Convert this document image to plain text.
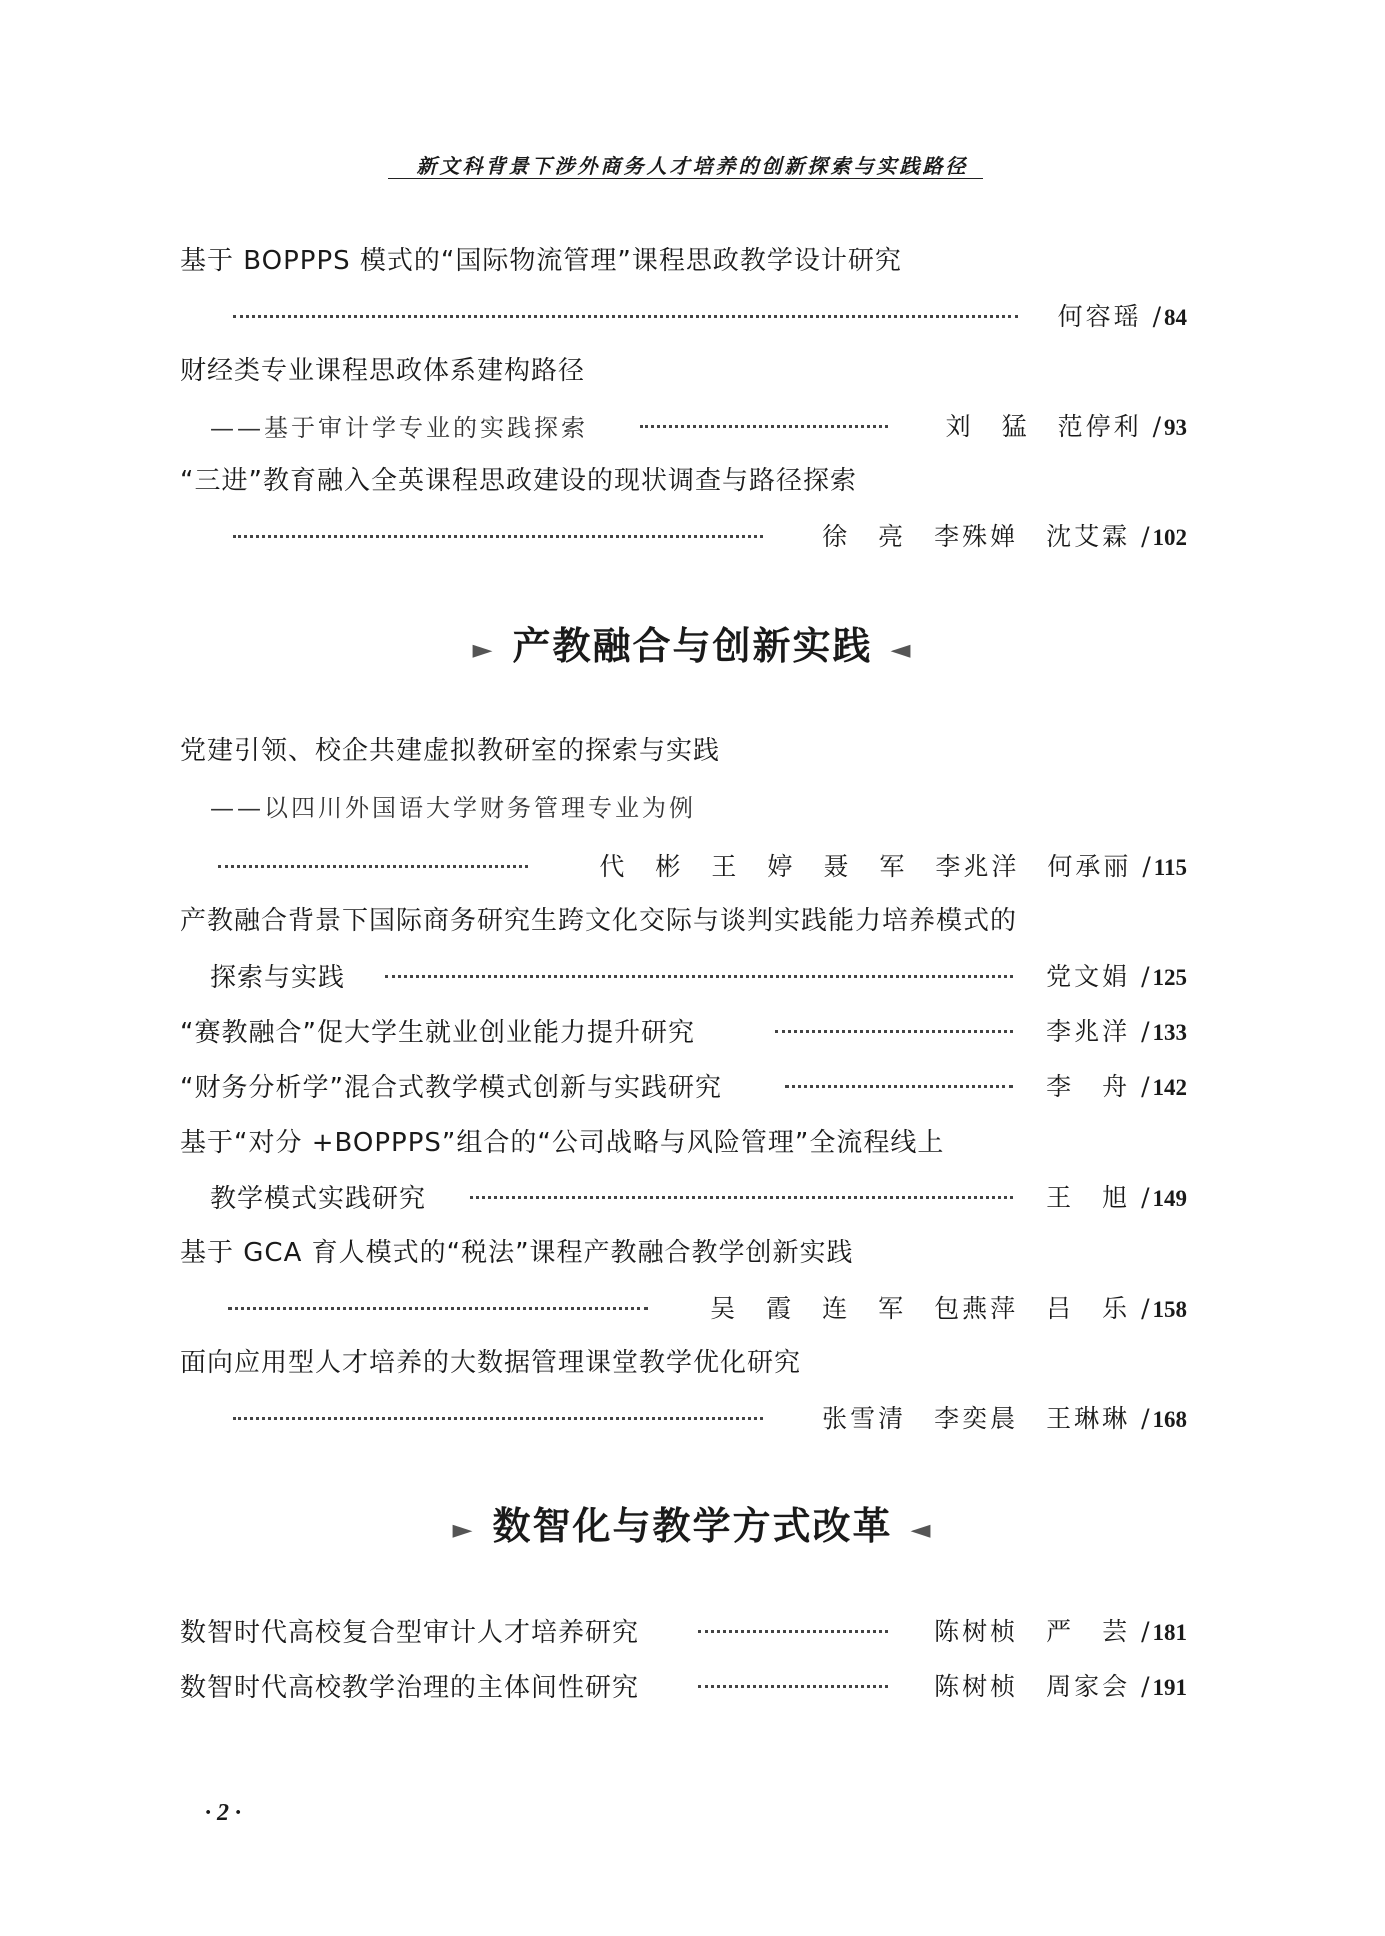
新文科背景下涉外商务人才培养的创新探索与实践路径
基于 BOPPPS 模式的“国际物流管理”课程思政教学设计研究
何容瑶 /84
财经类专业课程思政体系建构路径
——基于审计学专业的实践探索	刘　猛　范停利 /93
“三进”教育融入全英课程思政建设的现状调查与路径探索
徐　亮　李殊婵　沈艾霖 /102
► 产教融合与创新实践 ◄
党建引领、校企共建虚拟教研室的探索与实践
——以四川外国语大学财务管理专业为例
代　彬　王　婷　聂　军　李兆洋　何承丽 /115
产教融合背景下国际商务研究生跨文化交际与谈判实践能力培养模式的
探索与实践	党文娟 /125
“赛教融合”促大学生就业创业能力提升研究	李兆洋 /133
“财务分析学”混合式教学模式创新与实践研究	李　舟 /142
基于“对分 +BOPPPS”组合的“公司战略与风险管理”全流程线上
教学模式实践研究	王　旭 /149
基于 GCA 育人模式的“税法”课程产教融合教学创新实践
吴　霞　连　军　包燕萍　吕　乐 /158
面向应用型人才培养的大数据管理课堂教学优化研究
张雪清　李奕晨　王琳琳 /168
► 数智化与教学方式改革 ◄
数智时代高校复合型审计人才培养研究	陈树桢　严　芸 /181
数智时代高校教学治理的主体间性研究	陈树桢　周家会 /191
· 2 ·
